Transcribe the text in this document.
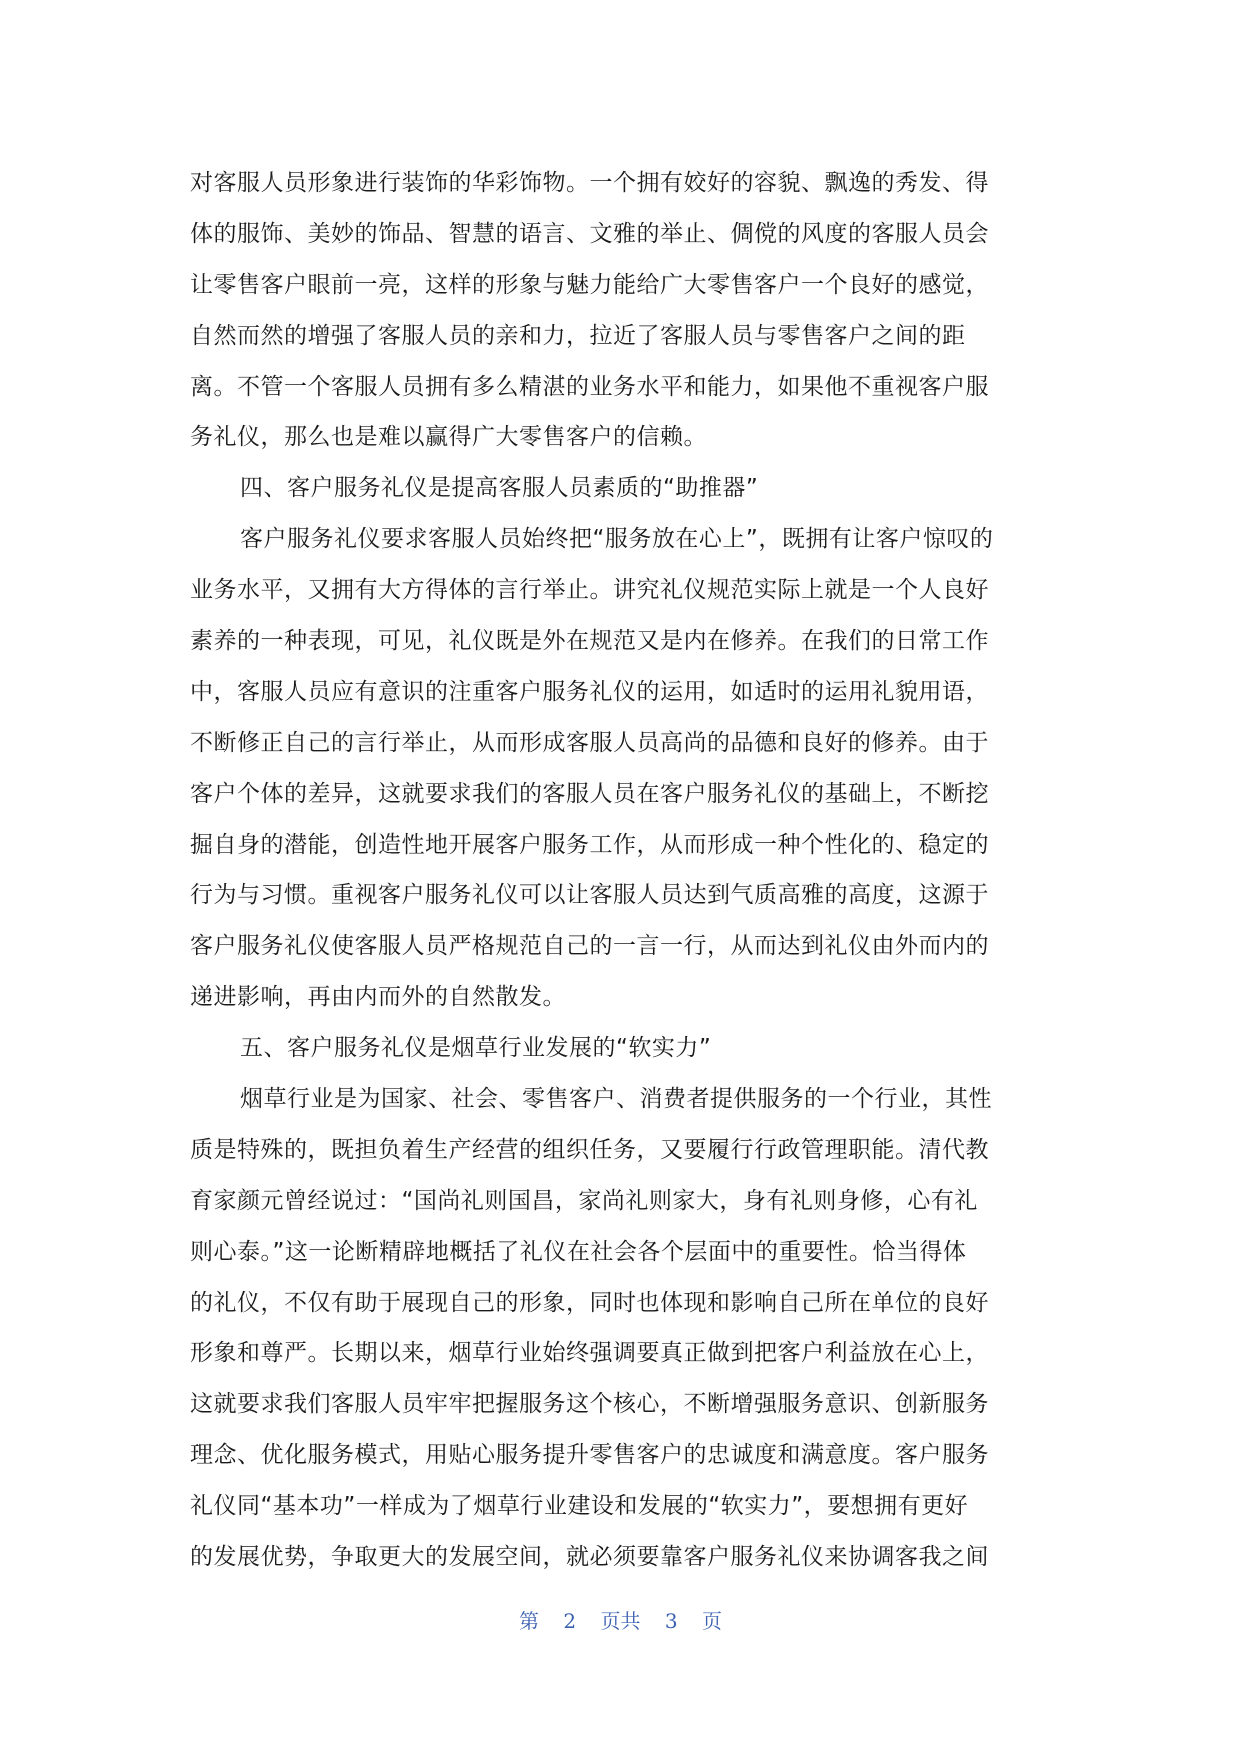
对客服人员形象进行装饰的华彩饰物。一个拥有姣好的容貌、飘逸的秀发、得
体的服饰、美妙的饰品、智慧的语言、文雅的举止、倜傥的风度的客服人员会
让零售客户眼前一亮，这样的形象与魅力能给广大零售客户一个良好的感觉，
自然而然的增强了客服人员的亲和力，拉近了客服人员与零售客户之间的距
离。不管一个客服人员拥有多么精湛的业务水平和能力，如果他不重视客户服
务礼仪，那么也是难以赢得广大零售客户的信赖。
四、客户服务礼仪是提高客服人员素质的“助推器”
客户服务礼仪要求客服人员始终把“服务放在心上”，既拥有让客户惊叹的
业务水平，又拥有大方得体的言行举止。讲究礼仪规范实际上就是一个人良好
素养的一种表现，可见，礼仪既是外在规范又是内在修养。在我们的日常工作
中，客服人员应有意识的注重客户服务礼仪的运用，如适时的运用礼貌用语，
不断修正自己的言行举止，从而形成客服人员高尚的品德和良好的修养。由于
客户个体的差异，这就要求我们的客服人员在客户服务礼仪的基础上，不断挖
掘自身的潜能，创造性地开展客户服务工作，从而形成一种个性化的、稳定的
行为与习惯。重视客户服务礼仪可以让客服人员达到气质高雅的高度，这源于
客户服务礼仪使客服人员严格规范自己的一言一行，从而达到礼仪由外而内的
递进影响，再由内而外的自然散发。
五、客户服务礼仪是烟草行业发展的“软实力”
烟草行业是为国家、社会、零售客户、消费者提供服务的一个行业，其性
质是特殊的，既担负着生产经营的组织任务，又要履行行政管理职能。清代教
育家颜元曾经说过：“国尚礼则国昌，家尚礼则家大，身有礼则身修，心有礼
则心泰。”这一论断精辟地概括了礼仪在社会各个层面中的重要性。恰当得体
的礼仪，不仅有助于展现自己的形象，同时也体现和影响自己所在单位的良好
形象和尊严。长期以来，烟草行业始终强调要真正做到把客户利益放在心上，
这就要求我们客服人员牢牢把握服务这个核心，不断增强服务意识、创新服务
理念、优化服务模式，用贴心服务提升零售客户的忠诚度和满意度。客户服务
礼仪同“基本功”一样成为了烟草行业建设和发展的“软实力”，要想拥有更好
的发展优势，争取更大的发展空间，就必须要靠客户服务礼仪来协调客我之间
第 2 页共 3 页
